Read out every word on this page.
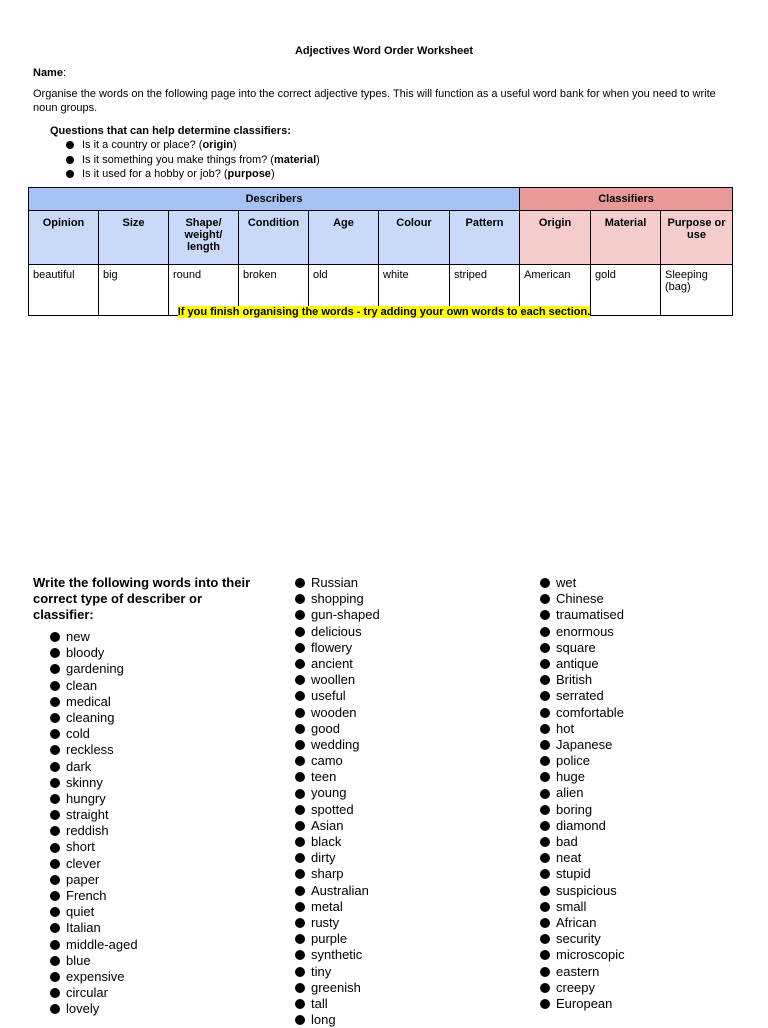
Adjectives Word Order Worksheet
Name:
Organise the words on the following page into the correct adjective types. This will function as a useful word bank for when you need to write noun groups.
Questions that can help determine classifiers:
Is it a country or place? ( origin )
Is it something you make things from? ( material )
Is it used for a hobby or job? ( purpose )
Describers							Classifiers		
Opinion	Size	Shape/ weight/ length	Condition	Age	Colour	Pattern	Origin	Material	Purpose or use
beautiful	big	round	broken	old	white	striped	American	gold	Sleeping (bag)
If you finish organising the words - try adding your own words to each section.
Write the following words into their correct type of describer or classifier:
new
bloody
gardening
clean
medical
cleaning
cold
reckless
dark
skinny
hungry
straight
reddish
short
clever
paper
French
quiet
Italian
middle-aged
blue
expensive
circular
lovely
Russian
shopping
gun-shaped
delicious
flowery
ancient
woollen
useful
wooden
good
wedding
camo
teen
young
spotted
Asian
black
dirty
sharp
Australian
metal
rusty
purple
synthetic
tiny
greenish
tall
long
wet
Chinese
traumatised
enormous
square
antique
British
serrated
comfortable
hot
Japanese
police
huge
alien
boring
diamond
bad
neat
stupid
suspicious
small
African
security
microscopic
eastern
creepy
European
